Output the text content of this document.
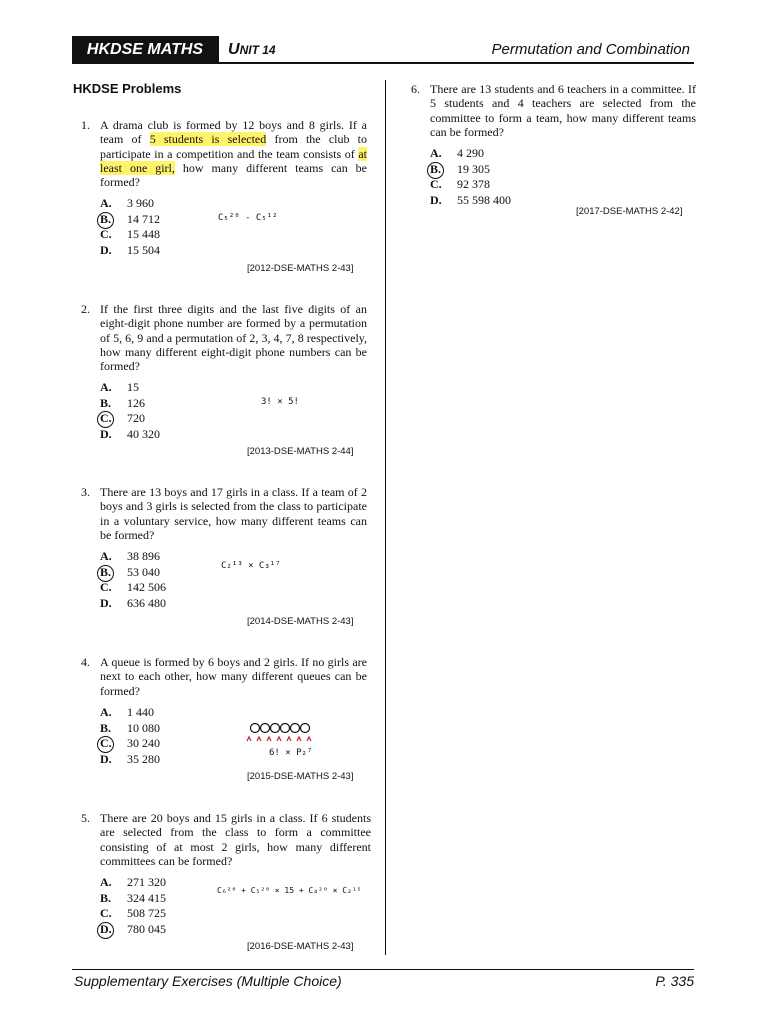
HKDSE MATHS	UNIT 14	Permutation and Combination
HKDSE Problems
1. A drama club is formed by 12 boys and 8 girls. If a team of 5 students is selected from the club to participate in a competition and the team consists of at least one girl, how many different teams can be formed?
A.	3 960
B.	14 712
C.	15 448
D.	15 504
C₅²⁰ - C₅¹²
[2012-DSE-MATHS 2-43]
2. If the first three digits and the last five digits of an eight-digit phone number are formed by a permutation of 5, 6, 9 and a permutation of 2, 3, 4, 7, 8 respectively, how many different eight-digit phone numbers can be formed?
A.	15
B.	126
C.	720
D.	40 320
3! × 5!
[2013-DSE-MATHS 2-44]
3. There are 13 boys and 17 girls in a class. If a team of 2 boys and 3 girls is selected from the class to participate in a voluntary service, how many different teams can be formed?
A.	38 896
B.	53 040
C.	142 506
D.	636 480
C₂¹³ × C₃¹⁷
[2014-DSE-MATHS 2-43]
4. A queue is formed by 6 boys and 2 girls. If no girls are next to each other, how many different queues can be formed?
A.	1 440
B.	10 080
C.	30 240
D.	35 280	6! × P₂⁷
[2015-DSE-MATHS 2-43]
5. There are 20 boys and 15 girls in a class. If 6 students are selected from the class to form a committee consisting of at most 2 girls, how many different committees can be formed?
A.	271 320
B.	324 415
C.	508 725
D.	780 045
C₆²⁰ + C₅²⁰ × 15 + C₄²⁰ × C₂¹⁵
[2016-DSE-MATHS 2-43]
6. There are 13 students and 6 teachers in a committee. If 5 students and 4 teachers are selected from the committee to form a team, how many different teams can be formed?
A.	4 290
B.	19 305
C.	92 378
D.	55 598 400
[2017-DSE-MATHS 2-42]
Supplementary Exercises (Multiple Choice)	P. 335
